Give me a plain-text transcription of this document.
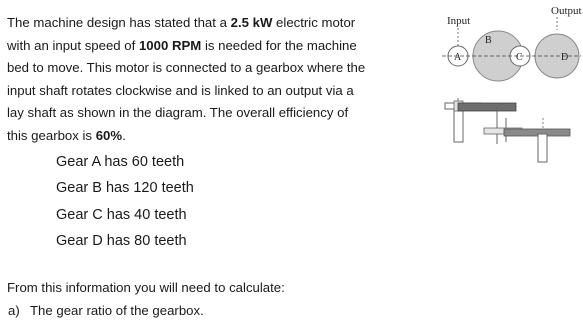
The machine design has stated that a 2.5 kW electric motor
with an input speed of 1000 RPM is needed for the machine
bed to move. This motor is connected to a gearbox where the
input shaft rotates clockwise and is linked to an output via a
lay shaft as shown in the diagram. The overall efficiency of
this gearbox is 60%.
Gear A has 60 teeth
Gear B has 120 teeth
Gear C has 40 teeth
Gear D has 80 teeth
From this information you will need to calculate:
a) The gear ratio of the gearbox.
Input
Output
A
B
C	D
